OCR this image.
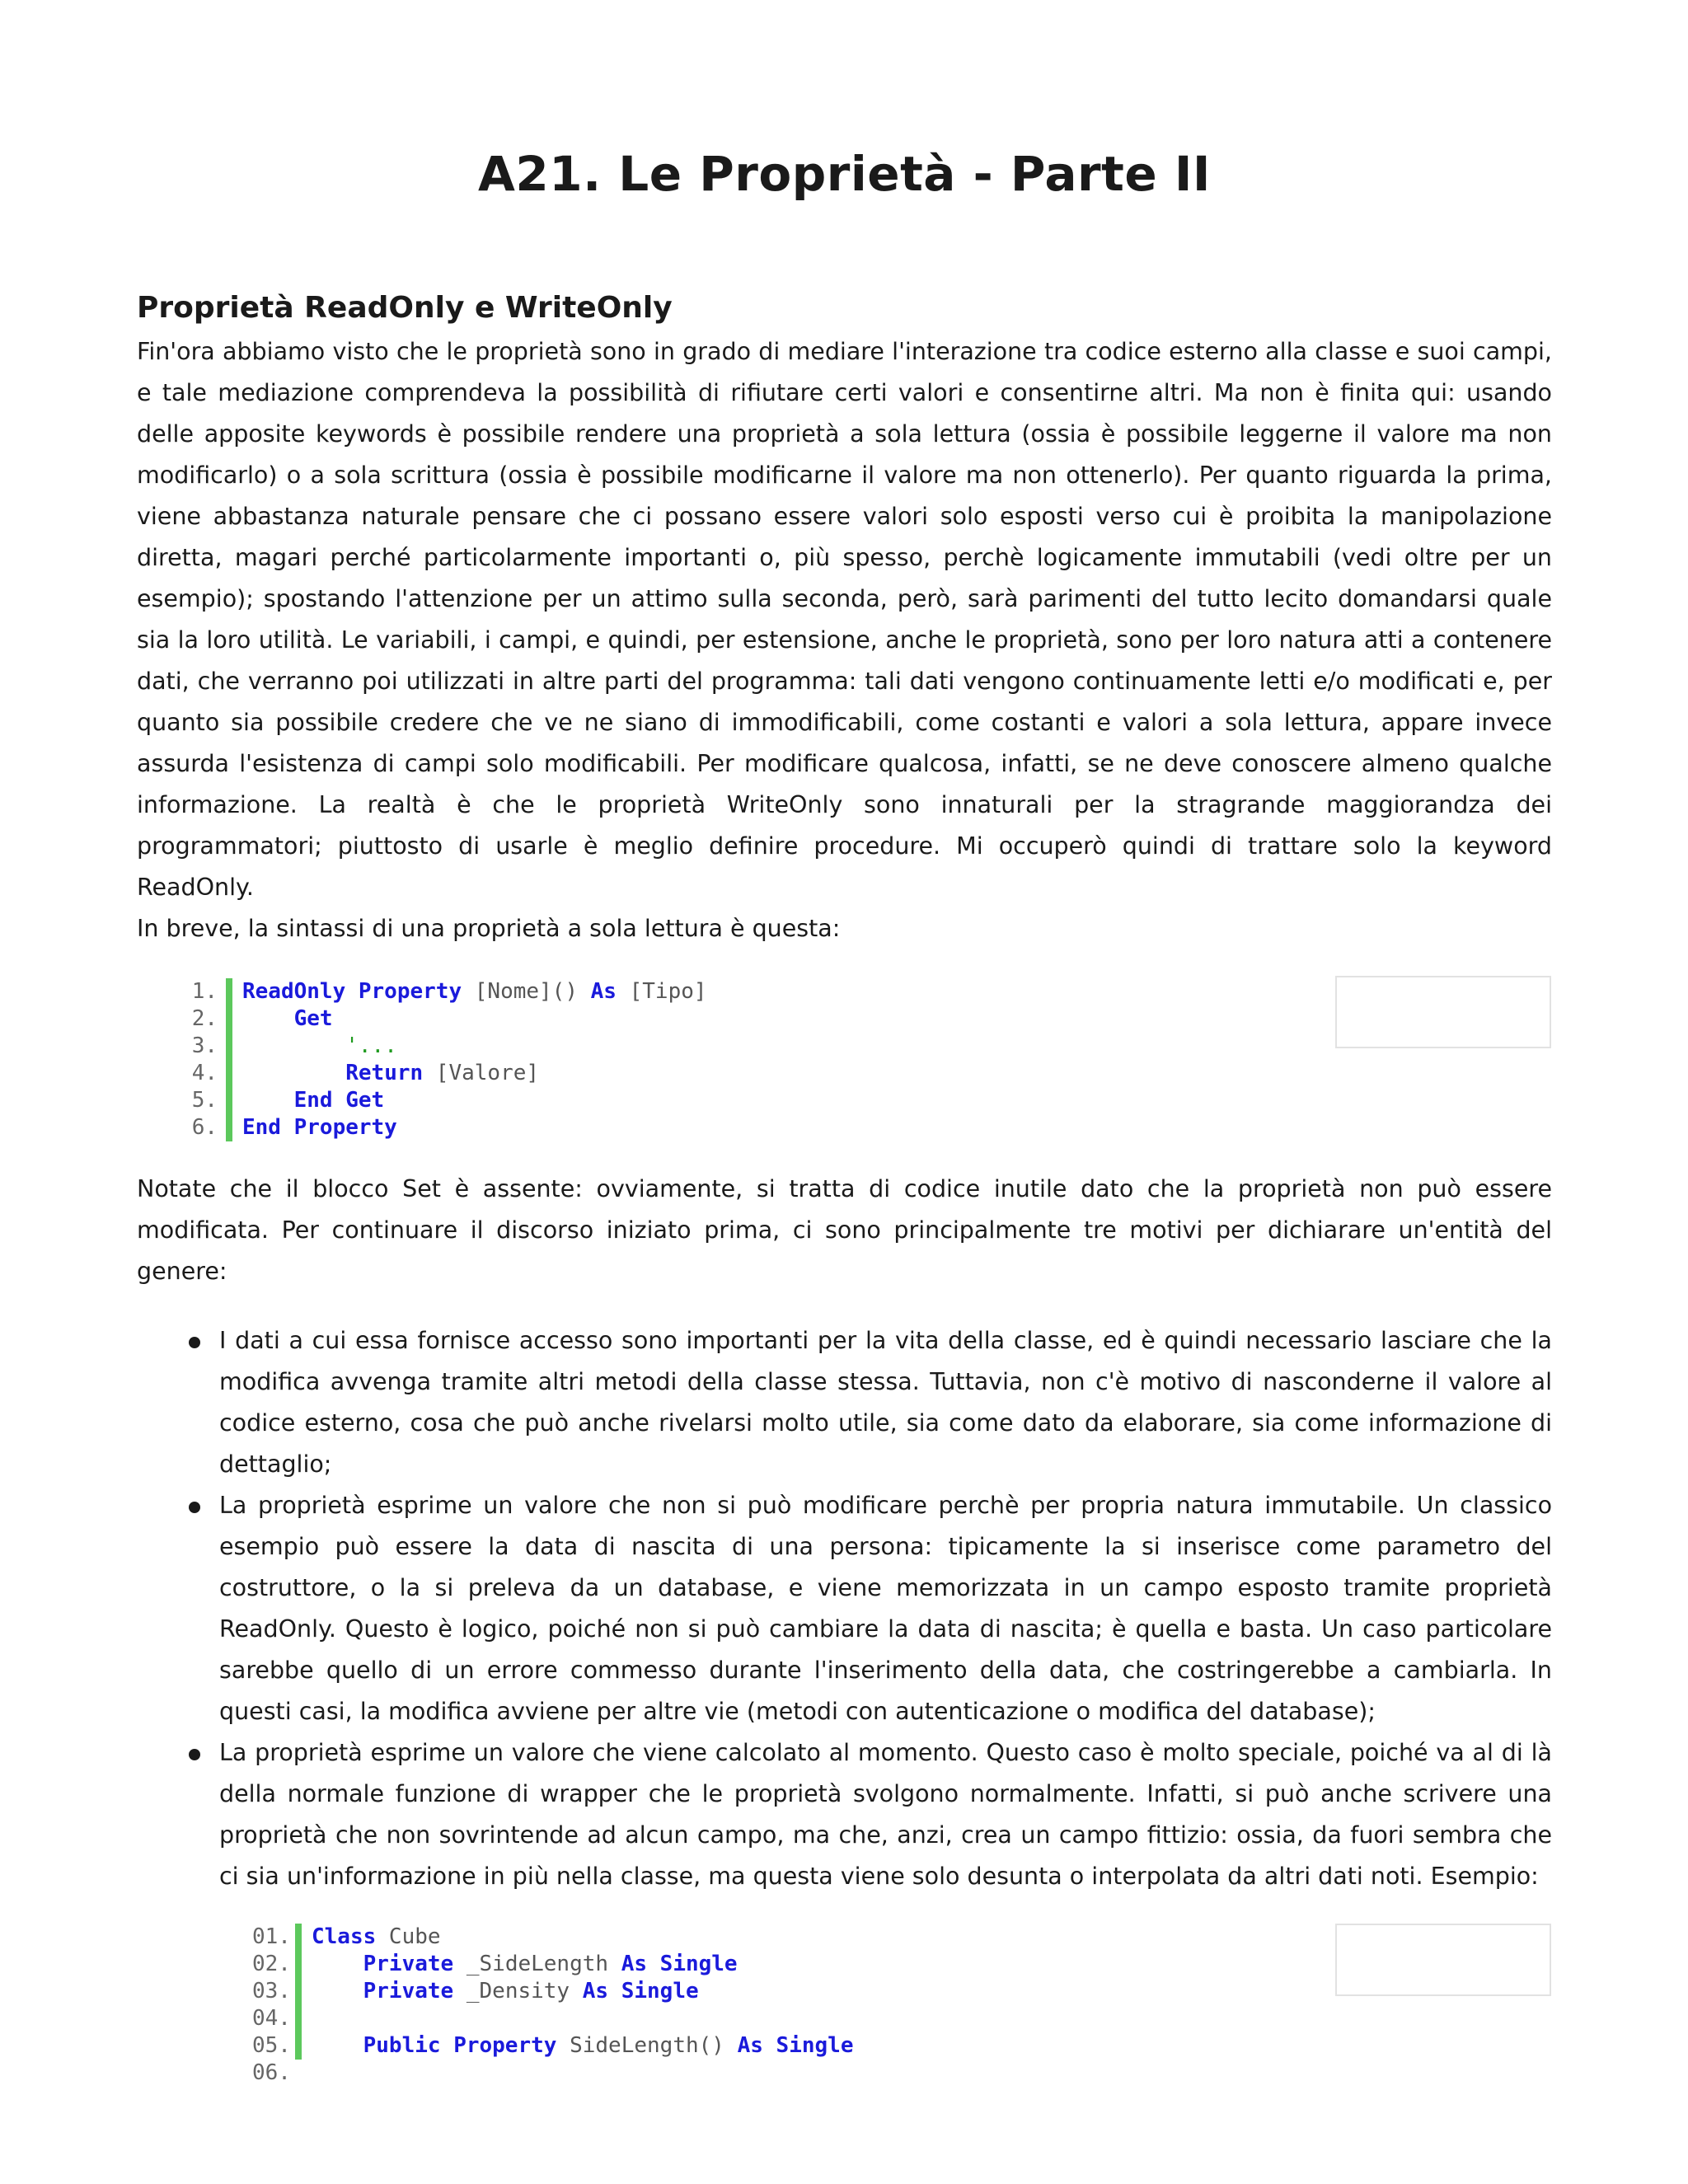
A21. Le Proprietà - Parte II
Proprietà ReadOnly e WriteOnly
Fin'ora abbiamo visto che le proprietà sono in grado di mediare l'interazione tra codice esterno alla classe e suoi campi, e tale mediazione comprendeva la possibilità di rifiutare certi valori e consentirne altri. Ma non è finita qui: usando delle apposite keywords è possibile rendere una proprietà a sola lettura (ossia è possibile leggerne il valore ma non modificarlo) o a sola scrittura (ossia è possibile modificarne il valore ma non ottenerlo). Per quanto riguarda la prima, viene abbastanza naturale pensare che ci possano essere valori solo esposti verso cui è proibita la manipolazione diretta, magari perché particolarmente importanti o, più spesso, perchè logicamente immutabili (vedi oltre per un esempio); spostando l'attenzione per un attimo sulla seconda, però, sarà parimenti del tutto lecito domandarsi quale sia la loro utilità. Le variabili, i campi, e quindi, per estensione, anche le proprietà, sono per loro natura atti a contenere dati, che verranno poi utilizzati in altre parti del programma: tali dati vengono continuamente letti e/o modificati e, per quanto sia possibile credere che ve ne siano di immodificabili, come costanti e valori a sola lettura, appare invece assurda l'esistenza di campi solo modificabili. Per modificare qualcosa, infatti, se ne deve conoscere almeno qualche informazione. La realtà è che le proprietà WriteOnly sono innaturali per la stragrande maggiorandza dei programmatori; piuttosto di usarle è meglio definire procedure. Mi occuperò quindi di trattare solo la keyword ReadOnly.
In breve, la sintassi di una proprietà a sola lettura è questa:
1.	ReadOnly Property [Nome]() As [Tipo]
2.	Get
3.	'...
4.	Return [Valore]
5.	End Get
6.	End Property

Notate che il blocco Set è assente: ovviamente, si tratta di codice inutile dato che la proprietà non può essere modificata. Per continuare il discorso iniziato prima, ci sono principalmente tre motivi per dichiarare un'entità del genere:

I dati a cui essa fornisce accesso sono importanti per la vita della classe, ed è quindi necessario lasciare che la modifica avvenga tramite altri metodi della classe stessa. Tuttavia, non c'è motivo di nasconderne il valore al codice esterno, cosa che può anche rivelarsi molto utile, sia come dato da elaborare, sia come informazione di dettaglio;
La proprietà esprime un valore che non si può modificare perchè per propria natura immutabile. Un classico esempio può essere la data di nascita di una persona: tipicamente la si inserisce come parametro del costruttore, o la si preleva da un database, e viene memorizzata in un campo esposto tramite proprietà ReadOnly. Questo è logico, poiché non si può cambiare la data di nascita; è quella e basta. Un caso particolare sarebbe quello di un errore commesso durante l'inserimento della data, che costringerebbe a cambiarla. In questi casi, la modifica avviene per altre vie (metodi con autenticazione o modifica del database);
La proprietà esprime un valore che viene calcolato al momento. Questo caso è molto speciale, poiché va al di là della normale funzione di wrapper che le proprietà svolgono normalmente. Infatti, si può anche scrivere una proprietà che non sovrintende ad alcun campo, ma che, anzi, crea un campo fittizio: ossia, da fuori sembra che ci sia un'informazione in più nella classe, ma questa viene solo desunta o interpolata da altri dati noti. Esempio:
01. Class Cube
02.	Private _SideLength As Single
03.	Private _Density As Single
04.
05.	Public Property SideLength() As Single
06.
